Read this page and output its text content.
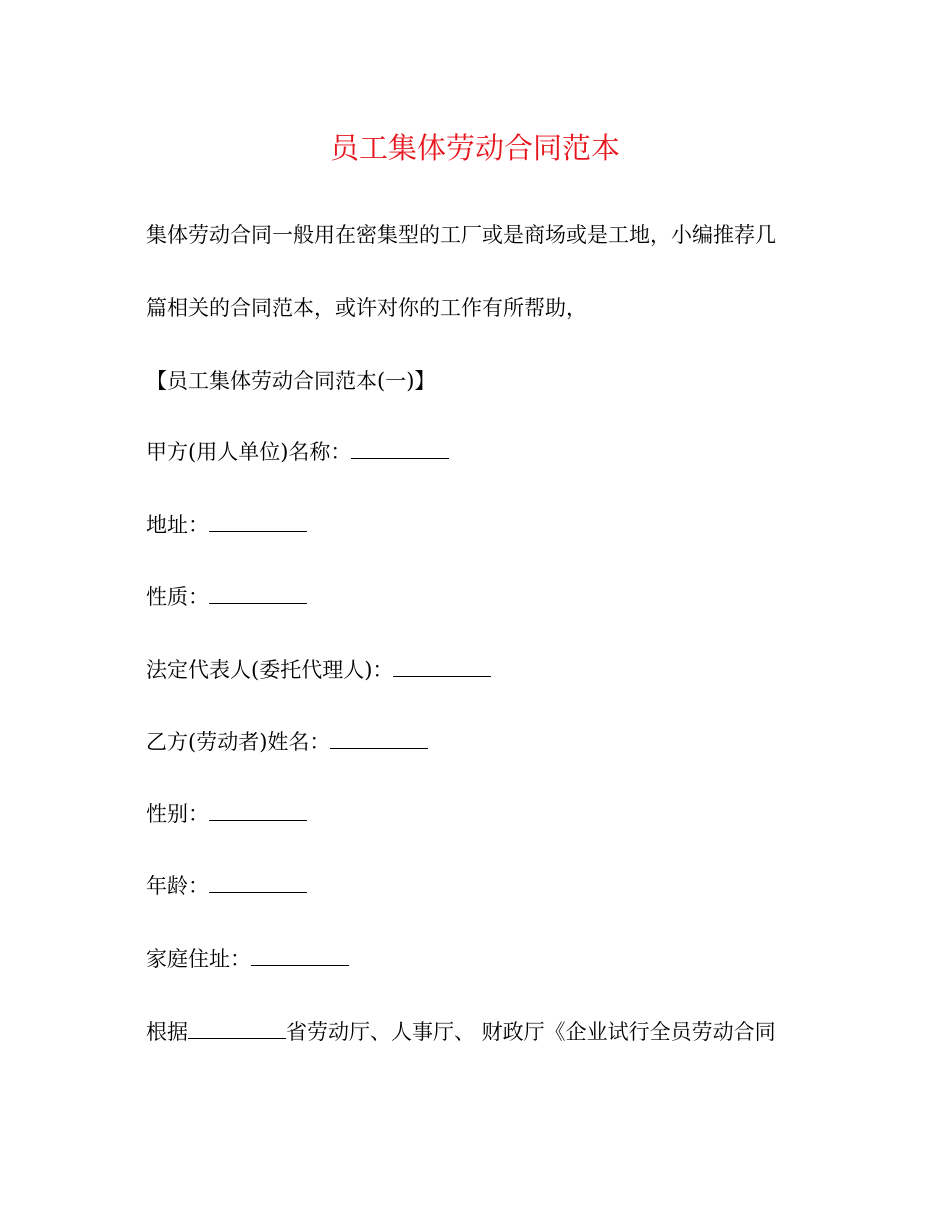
员工集体劳动合同范本
集体劳动合同一般用在密集型的工厂或是商场或是工地，小编推荐几
篇相关的合同范本，或许对你的工作有所帮助，
【员工集体劳动合同范本(一)】
甲方(用人单位)名称：
地址：
性质：
法定代表人(委托代理人)：
乙方(劳动者)姓名：
性别：
年龄：
家庭住址：
根据	省劳动厅、人事厅、 财政厅《企业试行全员劳动合同
